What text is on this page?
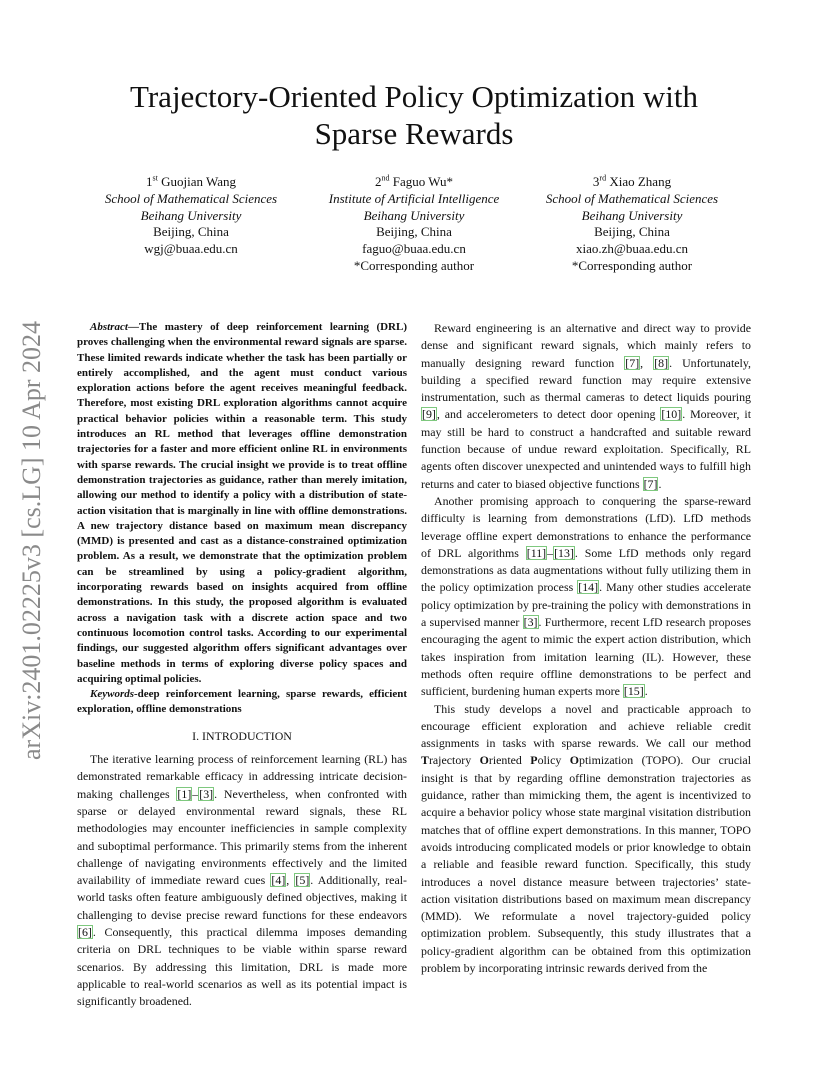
arXiv:2401.02225v3 [cs.LG] 10 Apr 2024
Trajectory-Oriented Policy Optimization with
Sparse Rewards
1st Guojian Wang
School of Mathematical Sciences
Beihang University
Beijing, China
wgj@buaa.edu.cn
2nd Faguo Wu*
Institute of Artificial Intelligence
Beihang University
Beijing, China
faguo@buaa.edu.cn
*Corresponding author
3rd Xiao Zhang
School of Mathematical Sciences
Beihang University
Beijing, China
xiao.zh@buaa.edu.cn
*Corresponding author

Abstract—The mastery of deep reinforcement learning (DRL) proves challenging when the environmental reward signals are sparse. These limited rewards indicate whether the task has been partially or entirely accomplished, and the agent must conduct various exploration actions before the agent receives meaningful feedback. Therefore, most existing DRL exploration algorithms cannot acquire practical behavior policies within a reasonable term. This study introduces an RL method that leverages offline demonstration trajectories for a faster and more efficient online RL in environments with sparse rewards. The crucial insight we provide is to treat offline demonstration trajectories as guidance, rather than merely imitation, allowing our method to identify a policy with a distribution of state-action visitation that is marginally in line with offline demonstrations. A new trajectory distance based on maximum mean discrepancy (MMD) is presented and cast as a distance-constrained optimization problem. As a result, we demonstrate that the optimization problem can be streamlined by using a policy-gradient algorithm, incorporating rewards based on insights acquired from offline demonstrations. In this study, the proposed algorithm is evaluated across a navigation task with a discrete action space and two continuous locomotion control tasks. According to our experimental findings, our suggested algorithm offers significant advantages over baseline methods in terms of exploring diverse policy spaces and acquiring optimal policies.

Keywords-deep reinforcement learning, sparse rewards, efficient exploration, offline demonstrations

I. INTRODUCTION

The iterative learning process of reinforcement learning (RL) has demonstrated remarkable efficacy in addressing intricate decision-making challenges [1]–[3]. Nevertheless, when confronted with sparse or delayed environmental reward signals, these RL methodologies may encounter inefficiencies in sample complexity and suboptimal performance. This primarily stems from the inherent challenge of navigating environments effectively and the limited availability of immediate reward cues [4], [5]. Additionally, real-world tasks often feature ambiguously defined objectives, making it challenging to devise precise reward functions for these endeavors [6]. Consequently, this practical dilemma imposes demanding criteria on DRL techniques to be viable within sparse reward scenarios. By addressing this limitation, DRL is made more applicable to real-world scenarios as well as its potential impact is significantly broadened.

Reward engineering is an alternative and direct way to provide dense and significant reward signals, which mainly refers to manually designing reward function [7], [8]. Unfortunately, building a specified reward function may require extensive instrumentation, such as thermal cameras to detect liquids pouring [9], and accelerometers to detect door opening [10]. Moreover, it may still be hard to construct a handcrafted and suitable reward function because of undue reward exploitation. Specifically, RL agents often discover unexpected and unintended ways to fulfill high returns and cater to biased objective functions [7].

Another promising approach to conquering the sparse-reward difficulty is learning from demonstrations (LfD). LfD methods leverage offline expert demonstrations to enhance the performance of DRL algorithms [11]–[13]. Some LfD methods only regard demonstrations as data augmentations without fully utilizing them in the policy optimization process [14]. Many other studies accelerate policy optimization by pre-training the policy with demonstrations in a supervised manner [3]. Furthermore, recent LfD research proposes encouraging the agent to mimic the expert action distribution, which takes inspiration from imitation learning (IL). However, these methods often require offline demonstrations to be perfect and sufficient, burdening human experts more [15].

This study develops a novel and practicable approach to encourage efficient exploration and achieve reliable credit assignments in tasks with sparse rewards. We call our method Trajectory Oriented Policy Optimization (TOPO). Our crucial insight is that by regarding offline demonstration trajectories as guidance, rather than mimicking them, the agent is incentivized to acquire a behavior policy whose state marginal visitation distribution matches that of offline expert demonstrations. In this manner, TOPO avoids introducing complicated models or prior knowledge to obtain a reliable and feasible reward function. Specifically, this study introduces a novel distance measure between trajectories’ state-action visitation distributions based on maximum mean discrepancy (MMD). We reformulate a novel trajectory-guided policy optimization problem. Subsequently, this study illustrates that a policy-gradient algorithm can be obtained from this optimization problem by incorporating intrinsic rewards derived from the
